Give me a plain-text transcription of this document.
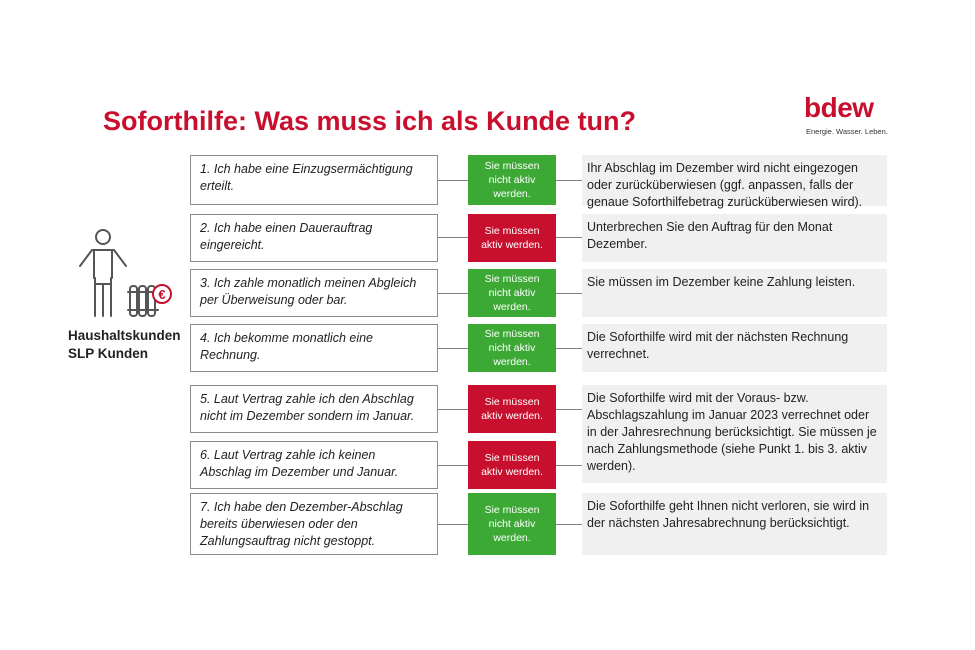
Soforthilfe: Was muss ich als Kunde tun?	bdew
Energie. Wasser. Leben.
€
Haushaltskunden
SLP Kunden
1. Ich habe eine Einzugsermächtigung erteilt.
Sie müssen nicht aktiv werden.
Ihr Abschlag im Dezember wird nicht eingezogen oder zurücküberwiesen (ggf. anpassen, falls der genaue Soforthilfebetrag zurücküberwiesen wird).
2. Ich habe einen Dauerauftrag eingereicht.
Sie müssen aktiv werden.
Unterbrechen Sie den Auftrag für den Monat Dezember.
3. Ich zahle monatlich meinen Abgleich per Überweisung oder bar.
Sie müssen nicht aktiv werden.
Sie müssen im Dezember keine Zahlung leisten.
4. Ich bekomme monatlich eine Rechnung.
Sie müssen nicht aktiv werden.
Die Soforthilfe wird mit der nächsten Rechnung verrechnet.
5. Laut Vertrag zahle ich den Abschlag nicht im Dezember sondern im Januar.
Sie müssen aktiv werden.
Die Soforthilfe wird mit der Voraus- bzw. Abschlagszahlung im Januar 2023 verrechnet oder in der Jahresrechnung berücksichtigt. Sie müssen je nach Zahlungsmethode (siehe Punkt 1. bis 3. aktiv werden).
6. Laut Vertrag zahle ich keinen Abschlag im Dezember und Januar.
Sie müssen aktiv werden.
7. Ich habe den Dezember-Abschlag bereits überwiesen oder den Zahlungsauftrag nicht gestoppt.
Sie müssen nicht aktiv werden.
Die Soforthilfe geht Ihnen nicht verloren, sie wird in der nächsten Jahresabrechnung berücksichtigt.
